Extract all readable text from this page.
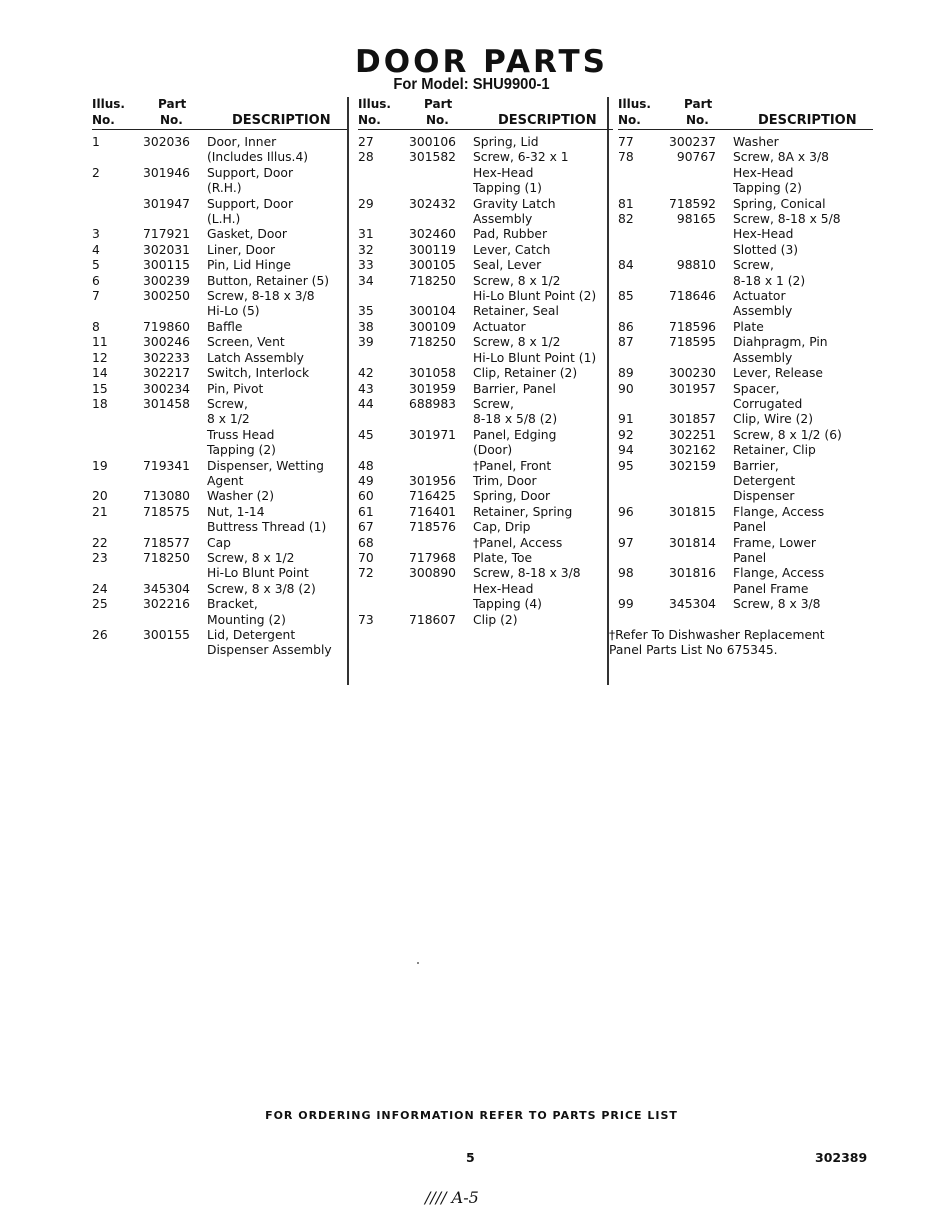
DOOR PARTS
For Model: SHU9900-1
Illus.
No.
Part
No.	DESCRIPTION
1	302036 Door, Inner
(Includes Illus.4)
2	301946 Support, Door
(R.H.)
301947 Support, Door
(L.H.)
3	717921 Gasket, Door
4	302031 Liner, Door
5	300115 Pin, Lid Hinge
6	300239 Button, Retainer (5)
7	300250 Screw, 8-18 x 3/8
Hi-Lo (5)
8	719860 Baffle
11	300246 Screen, Vent
12	302233 Latch Assembly
14	302217 Switch, Interlock
15	300234 Pin, Pivot
18	301458 Screw,
8 x 1/2
Truss Head
Tapping (2)
19	719341 Dispenser, Wetting
Agent
20	713080 Washer (2)
21	718575 Nut, 1-14
Buttress Thread (1)
22	718577 Cap
23	718250 Screw, 8 x 1/2
Hi-Lo Blunt Point
24	345304 Screw, 8 x 3/8 (2)
25	302216 Bracket,
Mounting (2)
26	300155 Lid, Detergent
Dispenser Assembly
Illus.
No.
Part
No.	DESCRIPTION
27	300106 Spring, Lid
28	301582 Screw, 6-32 x 1
Hex-Head
Tapping (1)
29	302432 Gravity Latch
Assembly
31	302460 Pad, Rubber
32	300119 Lever, Catch
33	300105 Seal, Lever
34	718250 Screw, 8 x 1/2
Hi-Lo Blunt Point (2)
35	300104 Retainer, Seal
38	300109 Actuator
39	718250 Screw, 8 x 1/2
Hi-Lo Blunt Point (1)
42	301058 Clip, Retainer (2)
43	301959 Barrier, Panel
44	688983 Screw,
8-18 x 5/8 (2)
45	301971 Panel, Edging
(Door)
48	†Panel, Front
49	301956 Trim, Door
60	716425 Spring, Door
61	716401 Retainer, Spring
67	718576 Cap, Drip
68	†Panel, Access
70	717968 Plate, Toe
72	300890 Screw, 8-18 x 3/8
Hex-Head
Tapping (4)
73	718607 Clip (2)
Illus.
No.
Part
No.	DESCRIPTION
77	300237 Washer
78	90767 Screw, 8A x 3/8
Hex-Head
Tapping (2)
81	718592 Spring, Conical
82	98165 Screw, 8-18 x 5/8
Hex-Head
Slotted (3)
84	98810 Screw,
8-18 x 1 (2)
85	718646 Actuator
Assembly
86	718596 Plate
87	718595 Diahpragm, Pin
Assembly
89	300230 Lever, Release
90	301957 Spacer,
Corrugated
91	301857 Clip, Wire (2)
92	302251 Screw, 8 x 1/2 (6)
94	302162 Retainer, Clip
95	302159 Barrier,
Detergent
Dispenser
96	301815 Flange, Access
Panel
97	301814 Frame, Lower
Panel
98	301816 Flange, Access
Panel Frame
99	345304 Screw, 8 x 3/8
†Refer To Dishwasher Replacement
Panel Parts List No 675345.
FOR ORDERING INFORMATION REFER TO PARTS PRICE LIST
5	302389
//// A-5
